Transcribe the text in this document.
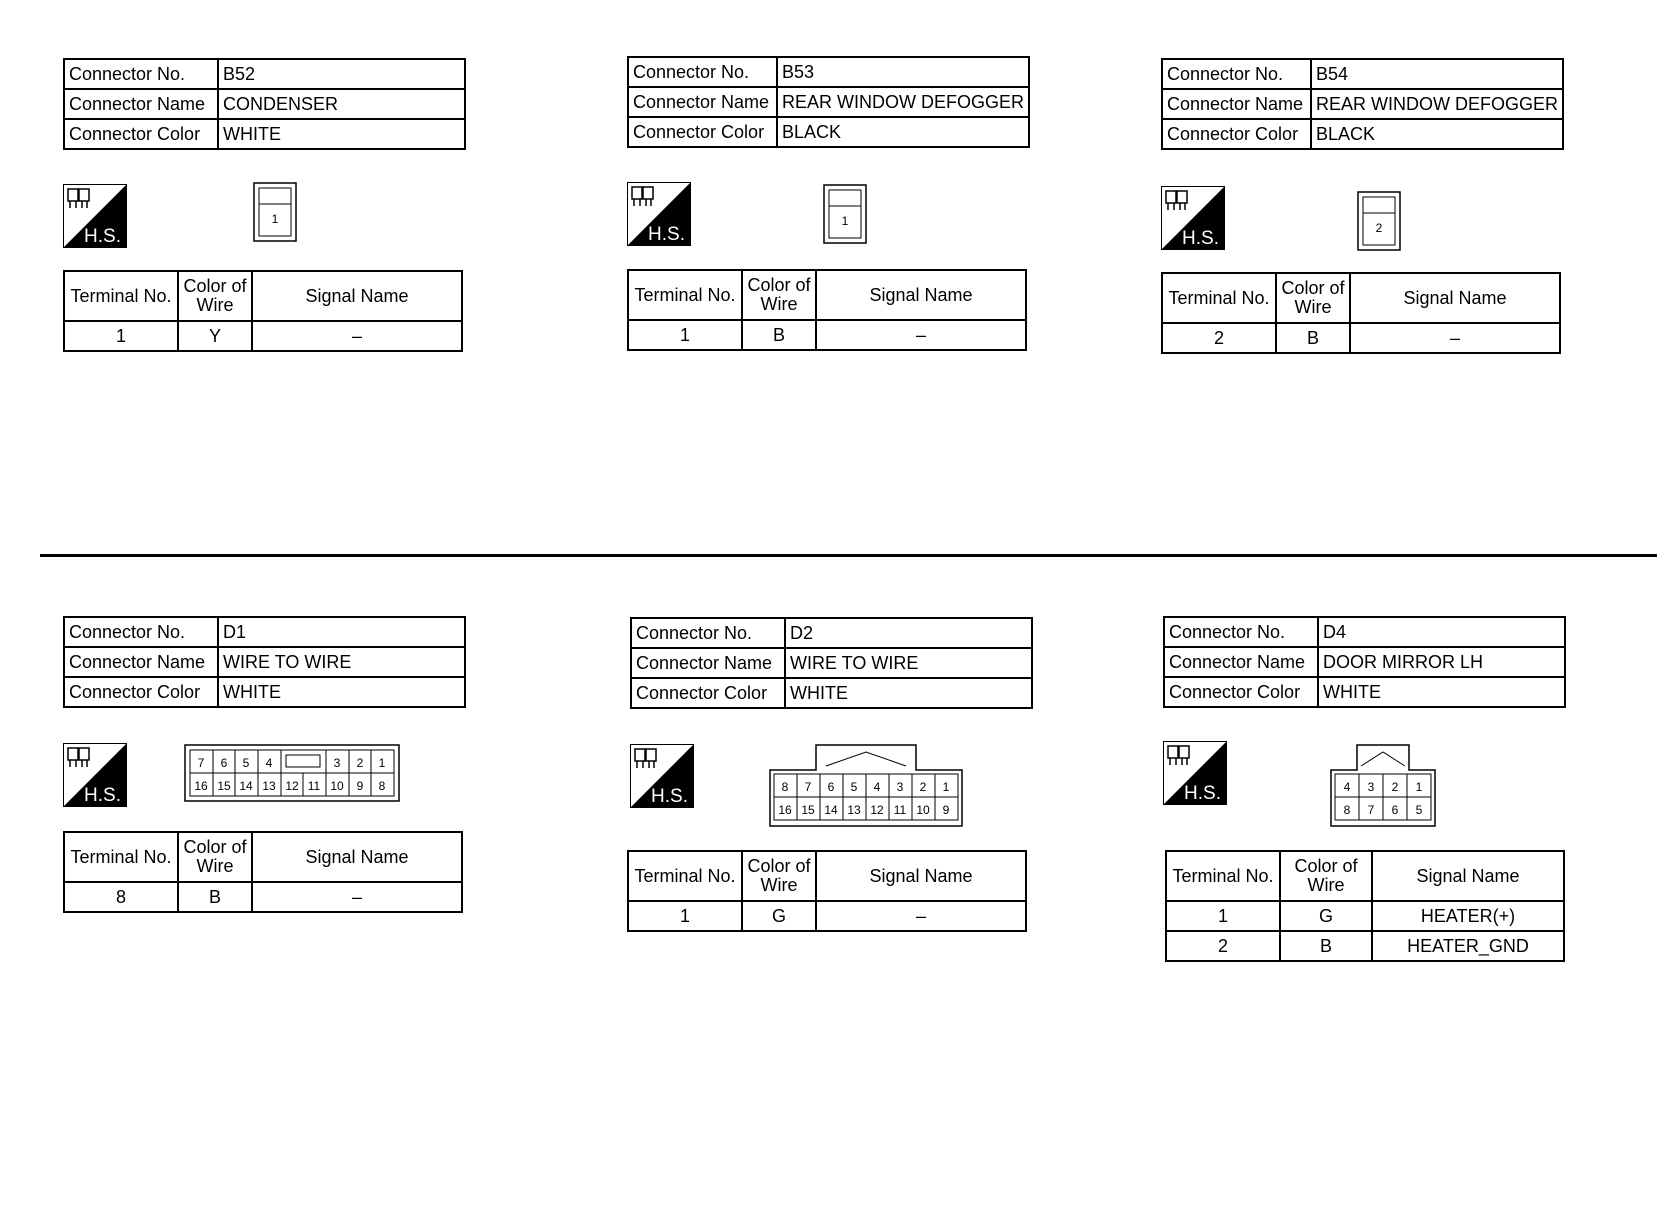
Connector No.	B52
Connector Name	CONDENSER
Connector Color	WHITE
H.S.
1
Terminal No.	Color of Wire	Signal Name
1	Y	–
Connector No.	B53
Connector Name	REAR WINDOW DEFOGGER
Connector Color	BLACK
H.S.
1
Terminal No.	Color of Wire	Signal Name
1	B	–
Connector No.	B54
Connector Name	REAR WINDOW DEFOGGER
Connector Color	BLACK
H.S.	2
Terminal No.	Color of Wire	Signal Name
2	B	–
Connector No.	D1
Connector Name	WIRE TO WIRE
Connector Color	WHITE
H.S.
7 6 5 4	3 2 1
16 15 14 13 12 11 10 9 8
Terminal No.	Color of Wire	Signal Name
8	B	–
Connector No.	D2
Connector Name	WIRE TO WIRE
Connector Color	WHITE
H.S.	8 7 6 5 4 3 2 1
16 15 14 13 12 11 10 9
Terminal No.	Color of Wire	Signal Name
1	G	–
Connector No.	D4
Connector Name	DOOR MIRROR LH
Connector Color	WHITE
H.S.	4 3 2 1
8 7 6 5
Terminal No.	Color of Wire	Signal Name
1	G	HEATER(+)
2	B	HEATER_GND
